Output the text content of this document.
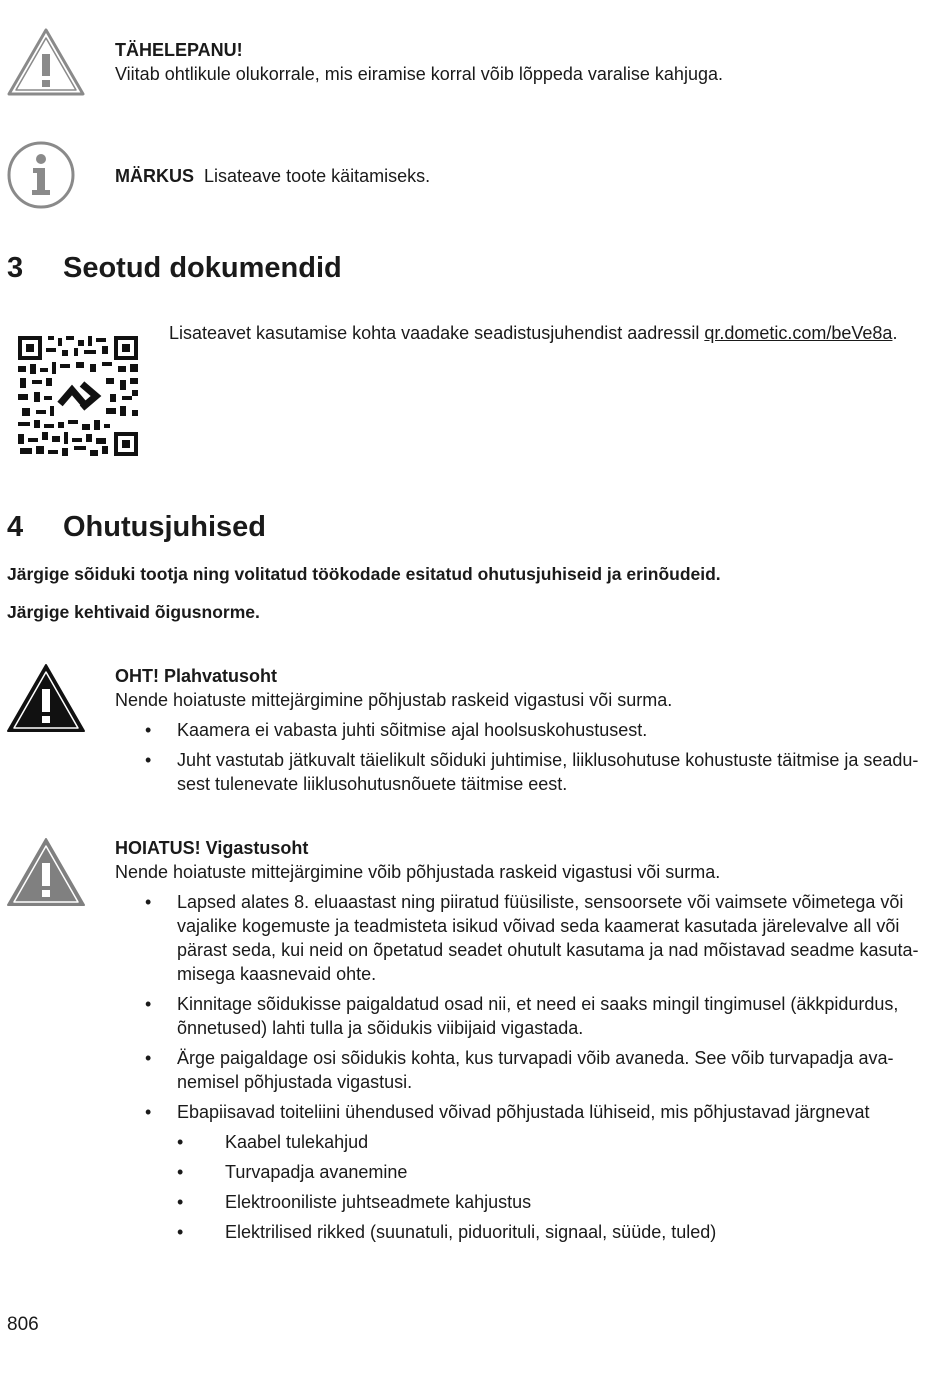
TÄHELEPANU!
Viitab ohtlikule olukorrale, mis eiramise korral võib lõppeda varalise kahjuga.
MÄRKUS Lisateave toote käitamiseks.
3 Seotud dokumendid
Lisateavet kasutamise kohta vaadake seadistusjuhendist aadressil qr.dometic.com/beVe8a.
4 Ohutusjuhised
Järgige sõiduki tootja ning volitatud töökodade esitatud ohutusjuhiseid ja erinõudeid.
Järgige kehtivaid õigusnorme.
OHT! Plahvatusoht
Nende hoiatuste mittejärgimine põhjustab raskeid vigastusi või surma.
• Kaamera ei vabasta juhti sõitmise ajal hoolsuskohustusest.
• Juht vastutab jätkuvalt täielikult sõiduki juhtimise, liiklusohutuse kohustuste täitmise ja seadu-sest tulenevate liiklusohutusnõuete täitmise eest.
HOIATUS! Vigastusoht
Nende hoiatuste mittejärgimine võib põhjustada raskeid vigastusi või surma.
• Lapsed alates 8. eluaastast ning piiratud füüsiliste, sensoorsete või vaimsete võimetega või vajalike kogemuste ja teadmisteta isikud võivad seda kaamerat kasutada järelevalve all või pärast seda, kui neid on õpetatud seadet ohutult kasutama ja nad mõistavad seadme kasuta-misega kaasnevaid ohte.
• Kinnitage sõidukisse paigaldatud osad nii, et need ei saaks mingil tingimusel (äkkpidurdus, õnnetused) lahti tulla ja sõidukis viibijaid vigastada.
• Ärge paigaldage osi sõidukis kohta, kus turvapadi võib avaneda. See võib turvapadja ava-nemisel põhjustada vigastusi.
• Ebapiisavad toiteliini ühendused võivad põhjustada lühiseid, mis põhjustavad järgnevat
• Kaabel tulekahjud
• Turvapadja avanemine
• Elektrooniliste juhtseadmete kahjustus
• Elektrilised rikked (suunatuli, piduorituli, signaal, süüde, tuled)
806
